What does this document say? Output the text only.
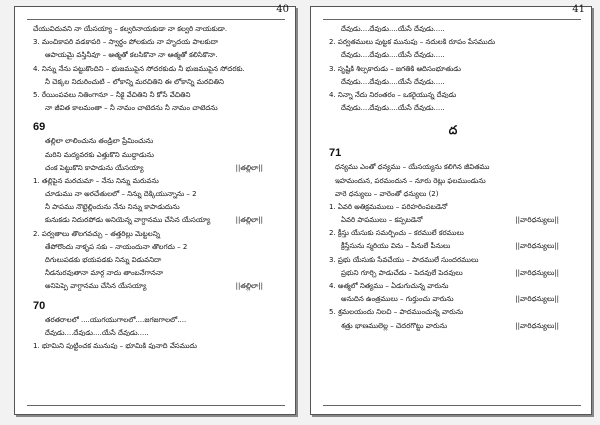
40
చేయువిదువని నా యేసయ్యా – కల్వరినాయకుడా నా కల్వరి నాయకుడా.
3. మంచికాపరి వడకాపరి – స్వార్థం పోలకుదు నా హృదయ పాలకుదా
ఆపాయమై వస్తినీవూ – ఆత్మతో కలసికొనా నా ఆత్మతో కలిసికొనా.
4. నిన్ను నేను పట్టుకొందిని – భుజముపైన సోదరకుడు నీ భుజముపైన సోదరకు.
నీ చెక్కల నిదురించుటి – లోకాన్ని మరచితిని ఈ లోకాన్ని మరచితిని
5. రేయింపవలు నితింగానూ – నీకై వేచితిని నీ కోసే వేచితిని
నా జీవిత కాలమంతా – నీ నామం చాటెదను నీ నామం చాటెదను
69
తల్లిలా లాలించును తండ్రిలా ప్రేమించును
మరిని మద్యవరకు ఎత్తుకొని ముద్దాడును
చంక పెట్టుకొని కాపాడును యేసయ్యా	||తల్లిలా||
1. తల్లిపైన మరచుమా – నేను నిన్ను మరువను
చూడుము నా అరచేతులలో – నిన్ను దెక్కియున్నాను – 2
నీ పాపము నొట్టెల్లిందును నేను నిన్ను కాపాడుదును
కునుకడు నిదురపోడు అనియెన్న వాగ్దానము చేసిన యేసయ్యా	||తల్లిలా||
2. పర్వతాలు తొలగవచ్చు – తత్తరిల్లు మెట్టలన్ని
తేపోరొందు నాకృప సకు – నాయందునా తొలగదు – 2
దిగులుపడకు భయపడకు నిన్ను విడువనిదా
నీడనురవుతానా మార్గ నాదు తాంబనేగాననా
అనిపెప్పె వాగ్దానము చేసిన యేసయ్యా	||తల్లిలా||
70
తరతరాలలో ....యుగయుగాలలో....జగజగాలలో....
దేవుడు....దేవుడు....యేసే దేవుడు.....
1. భూమిని పుట్టించక మునుపు – భూమికి పునాది వేసముదు
41
దేవుడు....దేవుడు....యేసే దేవుడు.....
2. పర్వతములు పుట్టక మునుపు – నదులకి రూపం పేసముదు
దేవుడు....దేవుడు....యేసే దేవుడు.....
3. సృష్టికి శిల్పకారుడు – జగతికి ఆదిసంభూతుడు
దేవుడు....దేవుడు....యేసే దేవుడు.....
4. నిన్నా నేదు నిరంతరం – ఒకరైయున్న దేవుడు
దేవుడు....దేవుడు....యేసే దేవుడు.....
ద
71
ధన్యము ఎంతో ధన్యము – యేసయ్యను కలిగిన జీవితము
ఇహమందున, పరమందున – నూరు రెట్లు ఫలముండును
వారె ధన్యులు – వారెంతో ధన్యులు (2)
1. ఏవరి అతిక్రమములు – పరిహరింపబడెనో
ఏవరి పాపములు – కప్పబడెనో	||వారిధన్యులు||
2. క్రీస్తు యేసుకు సమర్పించు – కరములే కరములు
క్రీస్తేసును స్మరియు విను – పీనులే పీనులు	||వారిధన్యులు||
3. ప్రభు యేసుకు సేవచేయు – పాదములే సుందరములు
ప్రభుని గూర్చి పాడుచేడు – పెదవులే పెదవులు	||వారిధన్యులు||
4. అత్మలో నిత్యము – ఏడుగుచున్న వారును
అనుదిన ఉంత్రములు – గుర్తుంచు వారును	||వారిధన్యులు||
5. శ్రమలయందు నిలచి – పాదముంచున్న వారును
శత్రు భాణములెల్ల – చెదరగొట్టు వారును	||వారిధన్యులు||
